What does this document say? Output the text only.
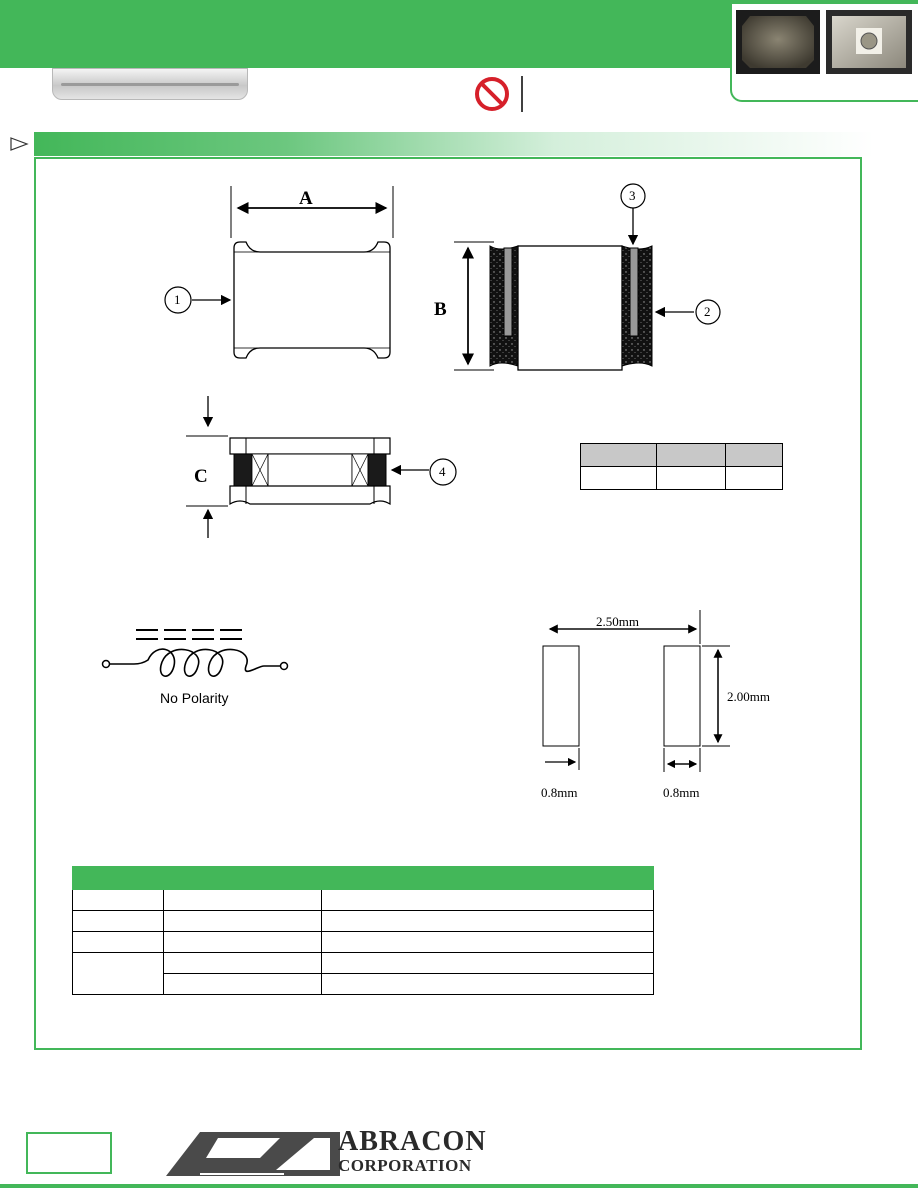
A
1	B
3
2
C	4

No Polarity
2.50mm
2.00mm
0.8mm	0.8mm

ABRACON
CORPORATION
